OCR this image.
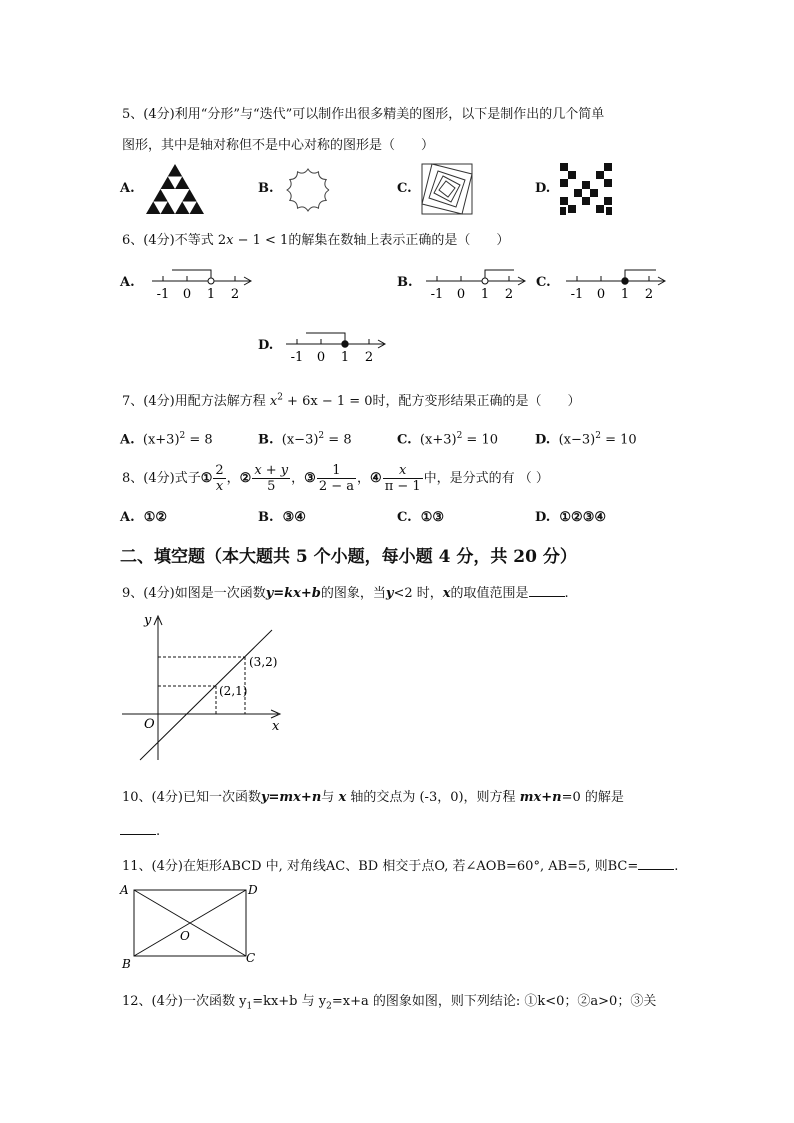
5、(4分)利用“分形”与“迭代”可以制作出很多精美的图形，以下是制作出的几个简单
图形，其中是轴对称但不是中心对称的图形是（　　）
A.	B.	C.	D.
6、(4分)不等式 2x − 1 < 1的解集在数轴上表示正确的是（　　）
A.
-1 0 1 2
B.
-1 0 1 2
C.
-1 0 1 2
D.
-1 0 1 2
7、(4分)用配方法解方程 $x^2 + 6x - 1 = 0$时，配方变形结果正确的是（　　）
A. $(x+3)^2 = 8$	B. $(x-3)^2 = 8$	C. $(x+3)^2 = 10$	D. $(x-3)^2 = 10$
8、(4分)式子① $\frac{2}{x}$ ，② $\frac{x + y}{5}$ ，③ $\frac{1}{2 - a}$ ，④ $\frac{x}{\pi - 1}$ 中，是分式的有 （ ）
A. ①②	B. ③④	C. ①③	D. ①②③④
二、填空题（本大题共 5 个小题，每小题 4 分，共 20 分）
9、(4分)如图是一次函数y=kx+b的图象，当y<2 时，x的取值范围是	.
y
x
O
(3,2)
(2,1)
10、(4分)已知一次函数y=mx+n与 x 轴的交点为 (-3，0)，则方程 mx+n=0 的解是
.
11、(4分)在矩形ABCD 中, 对角线AC、BD 相交于点O, 若∠AOB=60°, AB=5, 则BC=	.
A	D
B	C
O
12、(4分)一次函数 $y_1=kx+b$ 与 $y_2=x+a$ 的图象如图，则下列结论: ①k<0；②a>0；③关
